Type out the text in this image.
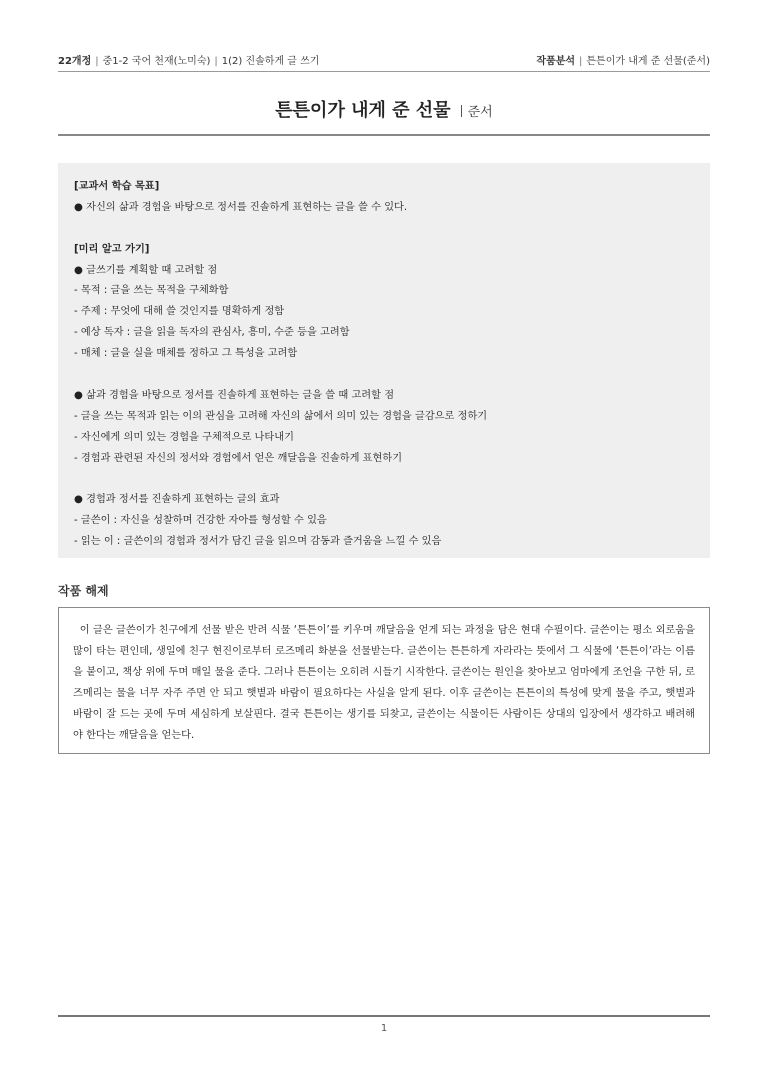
22개정 | 중1-2 국어 천재(노미숙) | 1(2) 진솔하게 글 쓰기	작품분석 | 튼튼이가 내게 준 선물(준서)
튼튼이가 내게 준 선물 준서
[교과서 학습 목표]
● 자신의 삶과 경험을 바탕으로 정서를 진솔하게 표현하는 글을 쓸 수 있다.
[미리 알고 가기]
● 글쓰기를 계획할 때 고려할 점
- 목적 : 글을 쓰는 목적을 구체화함
- 주제 : 무엇에 대해 쓸 것인지를 명확하게 정함
- 예상 독자 : 글을 읽을 독자의 관심사, 흥미, 수준 등을 고려함
- 매체 : 글을 실을 매체를 정하고 그 특성을 고려함
● 삶과 경험을 바탕으로 정서를 진솔하게 표현하는 글을 쓸 때 고려할 점
- 글을 쓰는 목적과 읽는 이의 관심을 고려해 자신의 삶에서 의미 있는 경험을 글감으로 정하기
- 자신에게 의미 있는 경험을 구체적으로 나타내기
- 경험과 관련된 자신의 정서와 경험에서 얻은 깨달음을 진솔하게 표현하기
● 경험과 정서를 진솔하게 표현하는 글의 효과
- 글쓴이 : 자신을 성찰하며 건강한 자아를 형성할 수 있음
- 읽는 이 : 글쓴이의 경험과 정서가 담긴 글을 읽으며 감동과 즐거움을 느낄 수 있음
작품 해제

이 글은 글쓴이가 친구에게 선물 받은 반려 식물 ‘튼튼이’를 키우며 깨달음을 얻게 되는 과정을 담은 현대 수필이다. 글쓴이는 평소 외로움을 많이 타는 편인데, 생일에 친구 현진이로부터 로즈메리 화분을 선물받는다. 글쓴이는 튼튼하게 자라라는 뜻에서 그 식물에 ‘튼튼이’라는 이름을 붙이고, 책상 위에 두며 매일 물을 준다. 그러나 튼튼이는 오히려 시들기 시작한다. 글쓴이는 원인을 찾아보고 엄마에게 조언을 구한 뒤, 로즈메리는 물을 너무 자주 주면 안 되고 햇볕과 바람이 필요하다는 사실을 알게 된다. 이후 글쓴이는 튼튼이의 특성에 맞게 물을 주고, 햇볕과 바람이 잘 드는 곳에 두며 세심하게 보살핀다. 결국 튼튼이는 생기를 되찾고, 글쓴이는 식물이든 사람이든 상대의 입장에서 생각하고 배려해야 한다는 깨달음을 얻는다.

1
